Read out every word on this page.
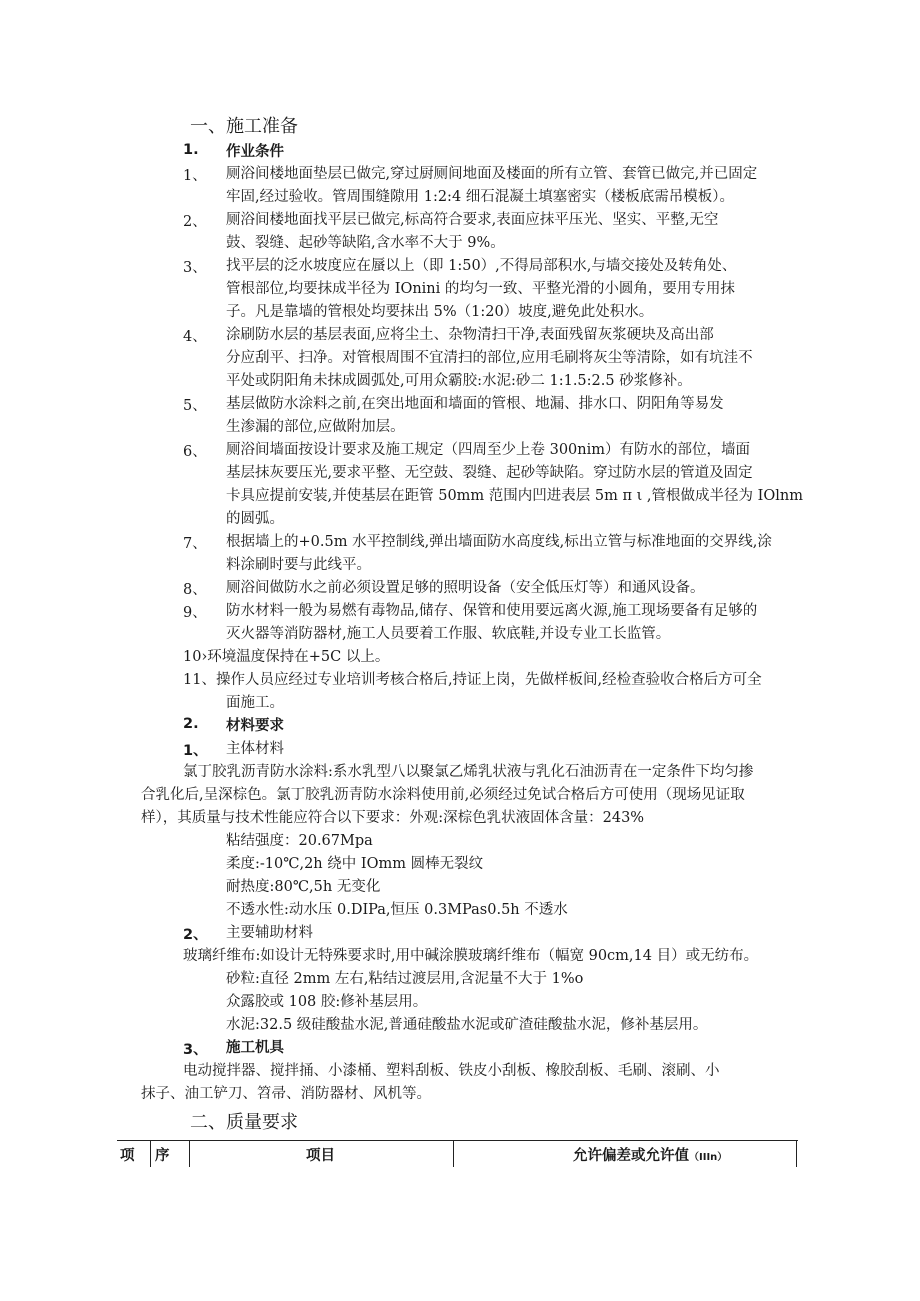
一、施工准备
1. 作业条件
1、 厕浴间楼地面垫层已做完,穿过厨厕间地面及楼面的所有立管、套管已做完,并已固定
牢固,经过验收。管周围缝隙用 1:2:4 细石混凝土填塞密实（楼板底需吊模板）。
2、 厕浴间楼地面找平层已做完,标高符合要求,表面应抹平压光、坚实、平整,无空
鼓、裂缝、起砂等缺陷,含水率不大于 9%。
3、 找平层的泛水坡度应在蜃以上（即 1:50）,不得局部积水,与墙交接处及转角处、
管根部位,均要抹成半径为 IOnini 的均匀一致、平整光滑的小圆角，要用专用抹
子。凡是靠墙的管根处均要抹出 5%（1:20）坡度,避免此处积水。
4、 涂刷防水层的基层表面,应将尘土、杂物清扫干净,表面残留灰浆硬块及高出部
分应刮平、扫净。对管根周围不宜清扫的部位,应用毛刷将灰尘等清除，如有坑洼不
平处或阴阳角未抹成圆弧处,可用众霸胶:水泥:砂二 1:1.5:2.5 砂浆修补。
5、 基层做防水涂料之前,在突出地面和墙面的管根、地漏、排水口、阴阳角等易发
生渗漏的部位,应做附加层。
6、 厕浴间墙面按设计要求及施工规定（四周至少上卷 300nim）有防水的部位，墙面
基层抹灰要压光,要求平整、无空鼓、裂缝、起砂等缺陷。穿过防水层的管道及固定
卡具应提前安装,并使基层在距管 50mm 范围内凹进表层 5m π ι ,管根做成半径为 IOlnm
的圆弧。
7、 根据墙上的+0.5m 水平控制线,弹出墙面防水高度线,标出立管与标准地面的交界线,涂
料涂刷时要与此线平。
8、 厕浴间做防水之前必须设置足够的照明设备（安全低压灯等）和通风设备。
9、 防水材料一般为易燃有毒物品,储存、保管和使用要远离火源,施工现场要备有足够的
灭火器等消防器材,施工人员要着工作服、软底鞋,并设专业工长监管。
10›环境温度保持在+5C 以上。
11、操作人员应经过专业培训考核合格后,持证上岗，先做样板间,经检查验收合格后方可全
面施工。
2. 材料要求
1、 主体材料
氯丁胶乳沥青防水涂料:系水乳型八以聚氯乙烯乳状液与乳化石油沥青在一定条件下均匀掺
合乳化后,呈深棕色。氯丁胶乳沥青防水涂料使用前,必须经过免试合格后方可使用（现场见证取
样），其质量与技术性能应符合以下要求：外观:深棕色乳状液固体含量：243%
粘结强度：20.67Mpa
柔度:-10℃,2h 绕中 IOmm 圆棒无裂纹
耐热度:80℃,5h 无变化
不透水性:动水压 0.DIPa,恒压 0.3MPas0.5h 不透水
2、 主要辅助材料
玻璃纤维布:如设计无特殊要求时,用中碱涂膜玻璃纤维布（幅宽 90cm,14 目）或无纺布。
砂粒:直径 2mm 左右,粘结过渡层用,含泥量不大于 1%o
众露胶或 108 胶:修补基层用。
水泥:32.5 级硅酸盐水泥,普通硅酸盐水泥或矿渣硅酸盐水泥，修补基层用。
3、 施工机具
电动搅拌器、搅拌捅、小漆桶、塑料刮板、铁皮小刮板、橡胶刮板、毛刷、滚刷、小
抹子、油工铲刀、笤帚、消防器材、风机等。
二、质量要求
项 序	项目	允许偏差或允许值（IIIn）
